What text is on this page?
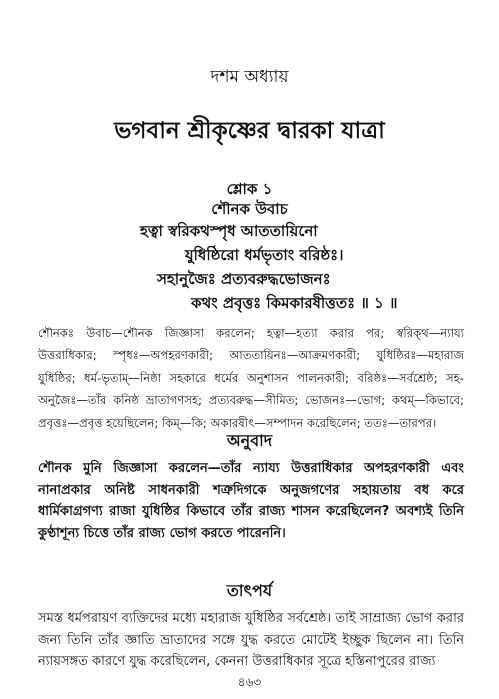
দশম অধ্যায়
ভগবান শ্রীকৃষ্ণের দ্বারকা যাত্রা
শ্লোক ১
শৌনক উবাচ
হত্বা স্বরিকথস্পৃধ আততায়িনো
যুধিষ্ঠিরো ধর্মভৃতাং বরিষ্ঠঃ।
সহানুজৈঃ প্রত্যবরুদ্ধভোজনঃ
কথং প্রবৃত্তঃ কিমকারষীত্ততঃ ॥ ১ ॥
শৌনকঃ উবাচ—শৌনক জিজ্ঞাসা করলেন; হত্বা—হত্যা করার পর; স্বরিক্থ—ন্যায্য উত্তরাধিকার; স্পৃধঃ—অপহরণকারী; আততায়িনঃ—আক্রমণকারী; যুধিষ্ঠিরঃ—মহারাজ যুধিষ্ঠির; ধর্ম-ভৃতাম্—নিষ্ঠা সহকারে ধর্মের অনুশাসন পালনকারী; বরিষ্ঠঃ—সর্বশ্রেষ্ঠ; সহ-অনুজৈঃ—তাঁর কনিষ্ঠ ভ্রাতাগণসহ; প্রত্যবরুদ্ধ—সীমিত; ভোজনঃ—ভোগ; কথম্—কিভাবে; প্রবৃত্তঃ—প্রবৃত্ত হয়েছিলেন; কিম্—কি; অকারষীৎ—সম্পাদন করেছিলেন; ততঃ—তারপর।
অনুবাদ
শৌনক মুনি জিজ্ঞাসা করলেন—তাঁর ন্যায্য উত্তরাধিকার অপহরণকারী এবং নানাপ্রকার অনিষ্ট সাধনকারী শত্রুদিগকে অনুজগণের সহায়তায় বধ করে ধার্মিকাগ্রগণ্য রাজা যুধিষ্ঠির কিভাবে তাঁর রাজ্য শাসন করেছিলেন? অবশ্যই তিনি কুণ্ঠাশূন্য চিত্তে তাঁর রাজ্য ভোগ করতে পারেননি।
তাৎপর্য
সমস্ত ধর্মপরায়ণ ব্যক্তিদের মধ্যে মহারাজ যুধিষ্ঠির সর্বশ্রেষ্ঠ। তাই সাম্রাজ্য ভোগ করার জন্য তিনি তাঁর জ্ঞাতি ভ্রাতাদের সঙ্গে যুদ্ধ করতে মোটেই ইচ্ছুক ছিলেন না। তিনি ন্যায়সঙ্গত কারণে যুদ্ধ করেছিলেন, কেননা উত্তরাধিকার সূত্রে হস্তিনাপুরের রাজ্য
৪৬৩
